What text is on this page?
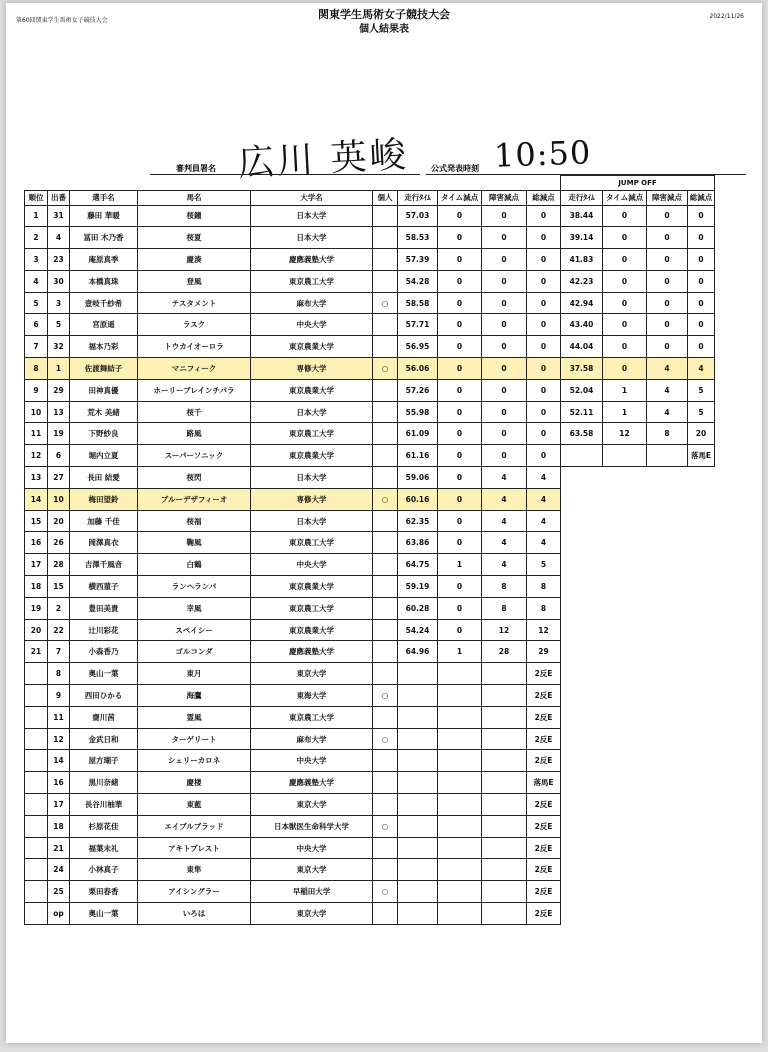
第60回関東学生馬術女子競技大会	関東学生馬術女子競技大会
個人結果表
2022/11/26
広川 英峻
審判員署名	10:50
公式発表時刻
										JUMP OFF			
順位	出番	選手名	馬名	大学名	個人	走行ﾀｲﾑ	タイム減点	障害減点	総減点	走行ﾀｲﾑ	タイム減点	障害減点	総減点
1	31	藤田 華暖	桜鐘	日本大学		57.03	0	0	0	38.44	0	0	0
2	4	冨田 木乃香	桜夏	日本大学		58.53	0	0	0	39.14	0	0	0
3	23	庵原真季	慶湊	慶應義塾大学		57.39	0	0	0	41.83	0	0	0
4	30	本橋真珠	登風	東京農工大学		54.28	0	0	0	42.23	0	0	0
5	3	壹岐千紗希	テスタメント	麻布大学	○	58.58	0	0	0	42.94	0	0	0
6	5	宮原遥	ラスク	中央大学		57.71	0	0	0	43.40	0	0	0
7	32	福本乃彩	トウカイオーロラ	東京農業大学		56.95	0	0	0	44.04	0	0	0
8	1	佐渡舞結子	マニフィーク	専修大学	○	56.06	0	0	0	37.58	0	4	4
9	29	田神真優	ホーリーブレインチパラ	東京農業大学		57.26	0	0	0	52.04	1	4	5
10	13	荒木 美緒	桜千	日本大学		55.98	0	0	0	52.11	1	4	5
11	19	下野紗良	路風	東京農工大学		61.09	0	0	0	63.58	12	8	20
12	6	堀内立夏	スーパーソニック	東京農業大学		61.16	0	0	0				落馬E
13	27	長田 結愛	桜閃	日本大学		59.06	0	4	4				
14	10	梅田望鈴	ブルーデザフィーオ	専修大学	○	60.16	0	4	4				
15	20	加藤 千佳	桜福	日本大学		62.35	0	4	4				
16	26	岡澤真衣	鞠風	東京農工大学		63.86	0	4	4				
17	28	吉澤千風音	白鶴	中央大学		64.75	1	4	5				
18	15	横西菫子	ランヘランパ	東京農業大学		59.19	0	8	8				
19	2	豊田美貴	幸風	東京農工大学		60.28	0	8	8				
20	22	辻川彩花	スペイシー	東京農業大学		54.24	0	12	12				
21	7	小森香乃	ゴルコンダ	慶應義塾大学		64.96	1	28	29				
	8	奥山一葉	東月	東京大学					2反E				
	9	西田ひかる	海鷹	東海大学	○				2反E				
	11	齋川茜	霊風	東京農工大学					2反E				
	12	金武日和	ターゲリート	麻布大学	○				2反E				
	14	屋方瑚子	シェリーカロネ	中央大学					2反E				
	16	黒川奈緒	慶楼	慶應義塾大学					落馬E				
	17	長谷川柚華	東藍	東京大学					2反E				
	18	杉原花佳	エイブルブラッド	日本獣医生命科学大学	○				2反E				
	21	福葉未礼	アキトプレスト	中央大学					2反E				
	24	小林真子	東隼	東京大学					2反E				
	25	栗田春香	アイシングラー	早稲田大学	○				2反E				
	op	奥山一葉	いろは	東京大学					2反E				
